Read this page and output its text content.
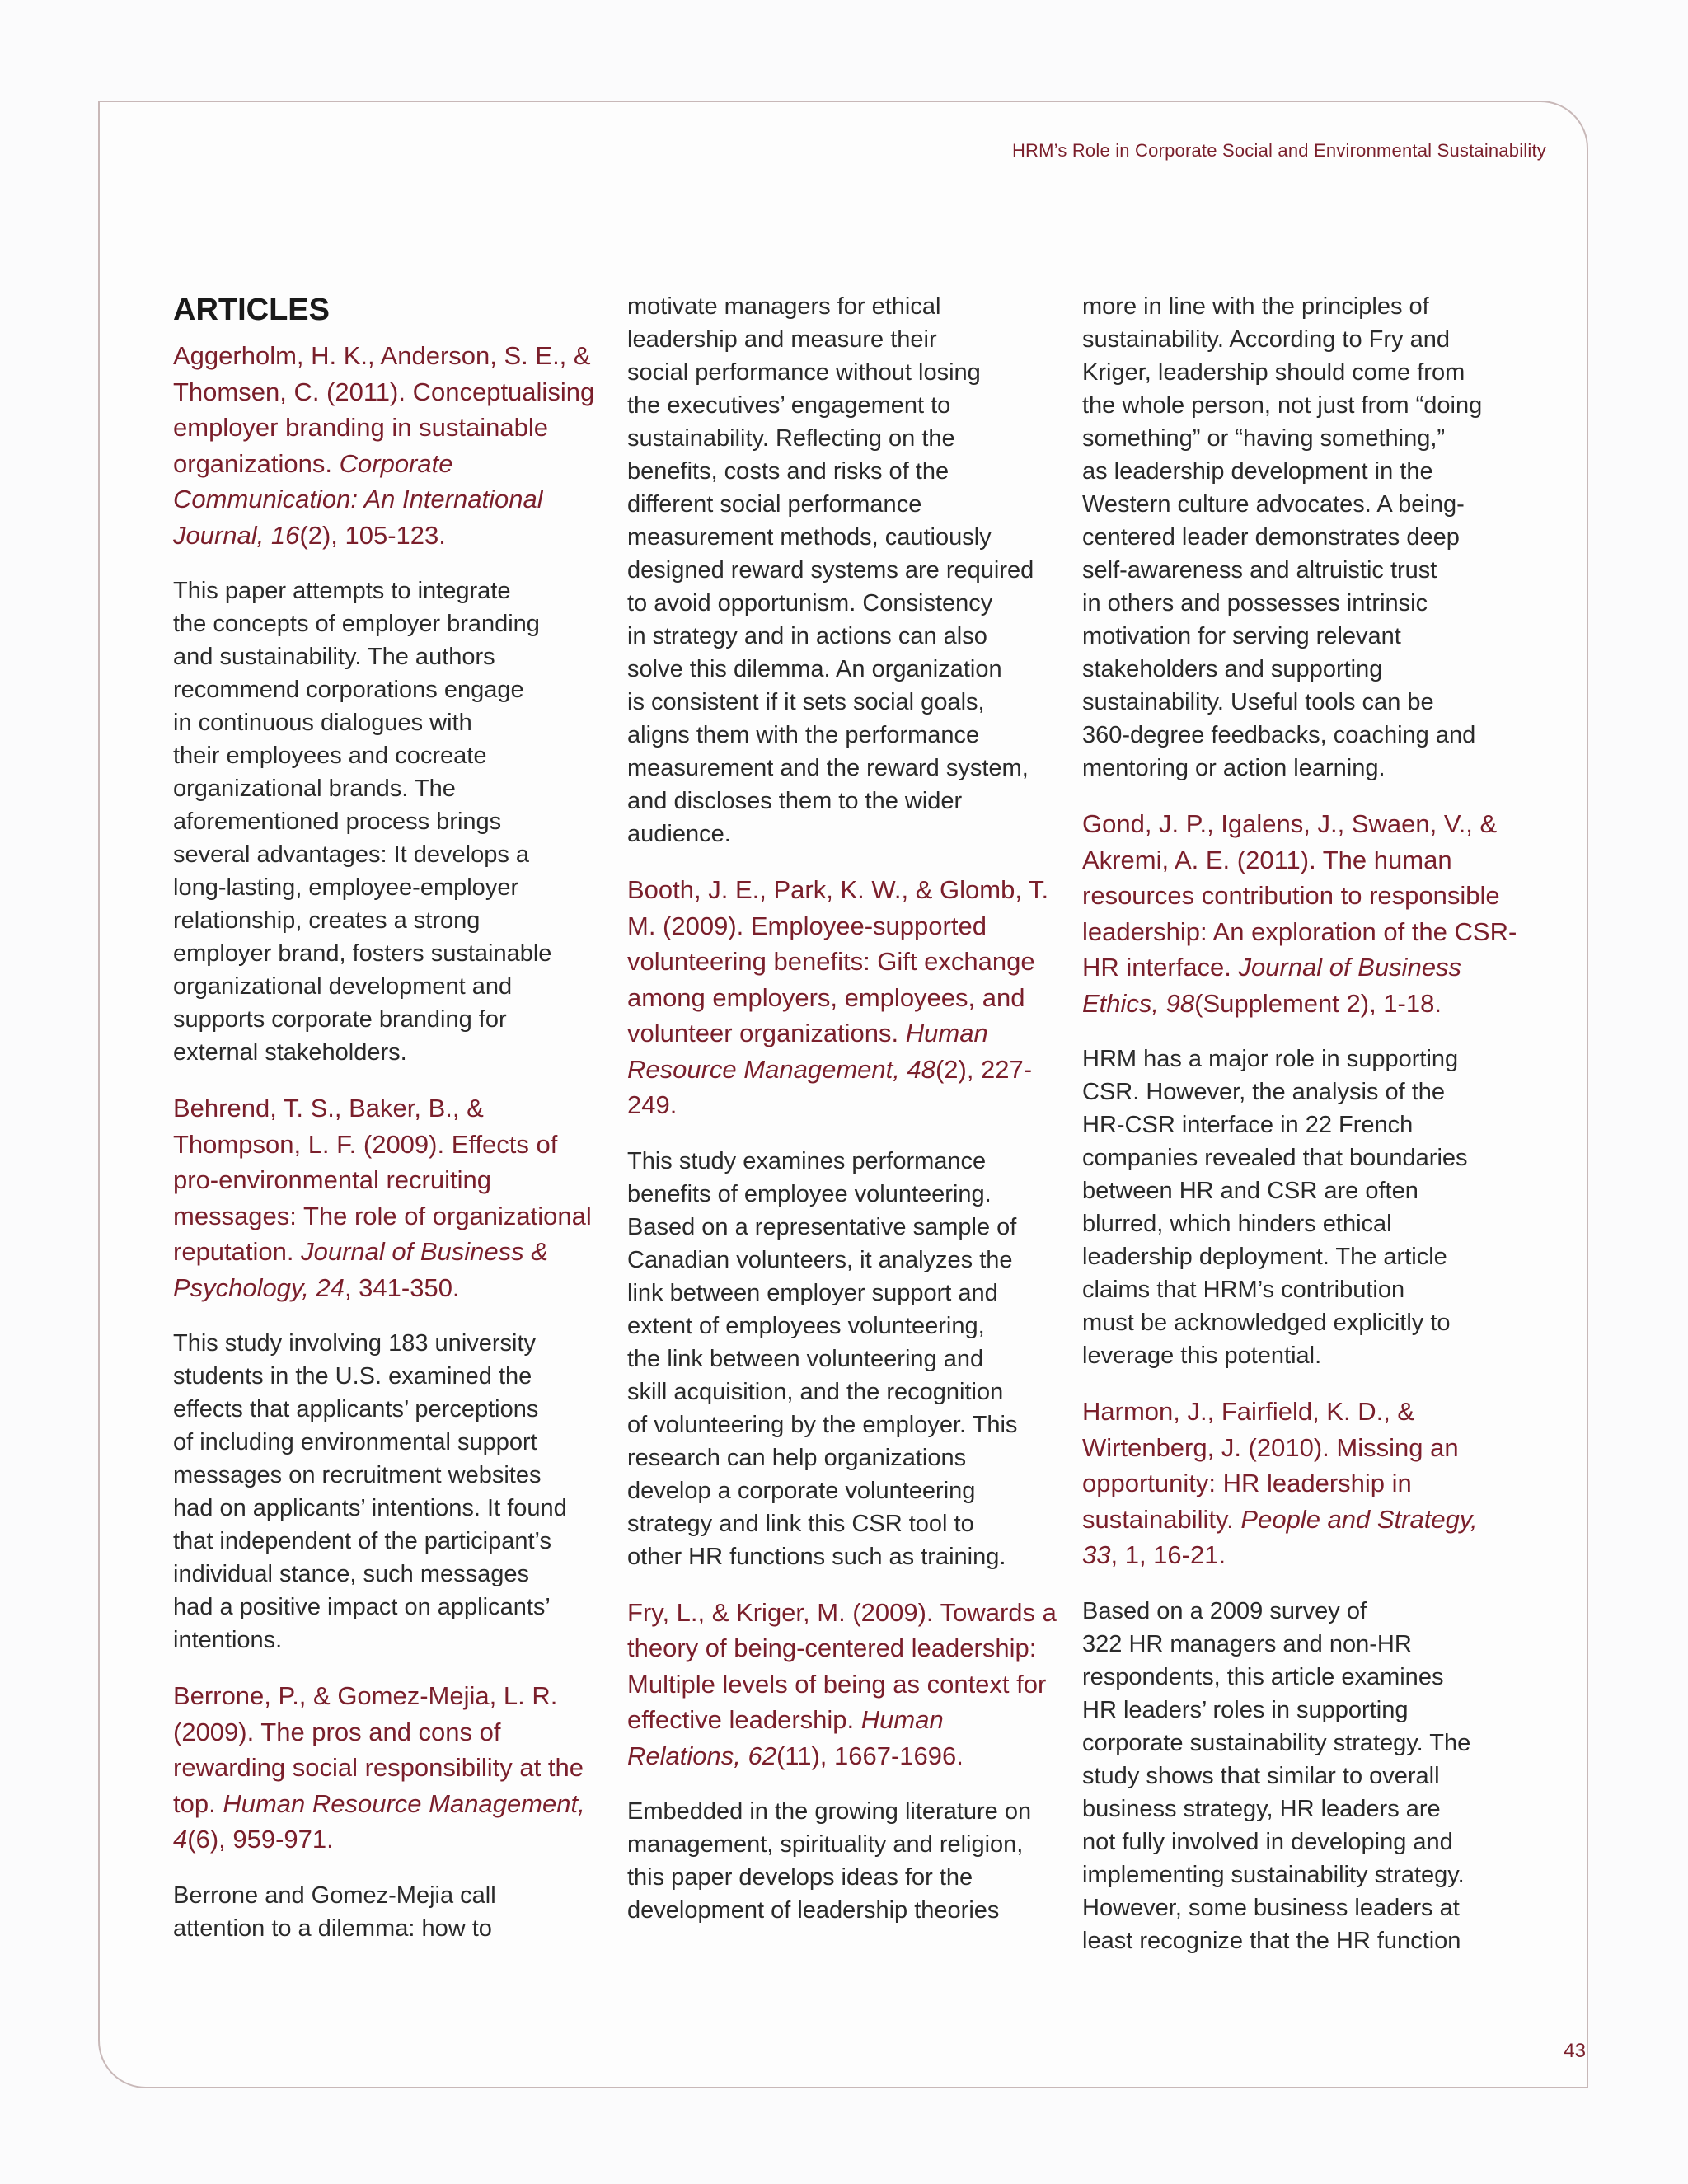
HRM’s Role in Corporate Social and Environmental Sustainability
ARTICLES

Aggerholm, H. K., Anderson, S. E., & Thomsen, C. (2011). Conceptualising employer branding in sustainable organizations. Corporate Communication: An International Journal, 16(2), 105-123.

This paper attempts to integrate
the concepts of employer branding
and sustainability. The authors
recommend corporations engage
in continuous dialogues with
their employees and cocreate
organizational brands. The
aforementioned process brings
several advantages: It develops a
long-lasting, employee-employer
relationship, creates a strong
employer brand, fosters sustainable
organizational development and
supports corporate branding for
external stakeholders.

Behrend, T. S., Baker, B., & Thompson, L. F. (2009). Effects of pro-environmental recruiting messages: The role of organizational reputation. Journal of Business & Psychology, 24, 341-350.

This study involving 183 university
students in the U.S. examined the
effects that applicants’ perceptions
of including environmental support
messages on recruitment websites
had on applicants’ intentions. It found
that independent of the participant’s
individual stance, such messages
had a positive impact on applicants’
intentions.

Berrone, P., & Gomez-Mejia, L. R. (2009). The pros and cons of rewarding social responsibility at the top. Human Resource Management, 4(6), 959-971.

Berrone and Gomez-Mejia call
attention to a dilemma: how to

motivate managers for ethical
leadership and measure their
social performance without losing
the executives’ engagement to
sustainability. Reflecting on the
benefits, costs and risks of the
different social performance
measurement methods, cautiously
designed reward systems are required
to avoid opportunism. Consistency
in strategy and in actions can also
solve this dilemma. An organization
is consistent if it sets social goals,
aligns them with the performance
measurement and the reward system,
and discloses them to the wider
audience.

Booth, J. E., Park, K. W., & Glomb, T. M. (2009). Employee-supported volunteering benefits: Gift exchange among employers, employees, and volunteer organizations. Human Resource Management, 48(2), 227-249.

This study examines performance
benefits of employee volunteering.
Based on a representative sample of
Canadian volunteers, it analyzes the
link between employer support and
extent of employees volunteering,
the link between volunteering and
skill acquisition, and the recognition
of volunteering by the employer. This
research can help organizations
develop a corporate volunteering
strategy and link this CSR tool to
other HR functions such as training.

Fry, L., & Kriger, M. (2009). Towards a theory of being-centered leadership: Multiple levels of being as context for effective leadership. Human Relations, 62(11), 1667-1696.

Embedded in the growing literature on
management, spirituality and religion,
this paper develops ideas for the
development of leadership theories

more in line with the principles of
sustainability. According to Fry and
Kriger, leadership should come from
the whole person, not just from “doing
something” or “having something,”
as leadership development in the
Western culture advocates. A being-
centered leader demonstrates deep
self-awareness and altruistic trust
in others and possesses intrinsic
motivation for serving relevant
stakeholders and supporting
sustainability. Useful tools can be
360-degree feedbacks, coaching and
mentoring or action learning.

Gond, J. P., Igalens, J., Swaen, V., & Akremi, A. E. (2011). The human resources contribution to responsible leadership: An exploration of the CSR-HR interface. Journal of Business Ethics, 98(Supplement 2), 1-18.

HRM has a major role in supporting
CSR. However, the analysis of the
HR-CSR interface in 22 French
companies revealed that boundaries
between HR and CSR are often
blurred, which hinders ethical
leadership deployment. The article
claims that HRM’s contribution
must be acknowledged explicitly to
leverage this potential.

Harmon, J., Fairfield, K. D., & Wirtenberg, J. (2010). Missing an opportunity: HR leadership in sustainability. People and Strategy, 33, 1, 16-21.

Based on a 2009 survey of
322 HR managers and non-HR
respondents, this article examines
HR leaders’ roles in supporting
corporate sustainability strategy. The
study shows that similar to overall
business strategy, HR leaders are
not fully involved in developing and
implementing sustainability strategy.
However, some business leaders at
least recognize that the HR function

43
